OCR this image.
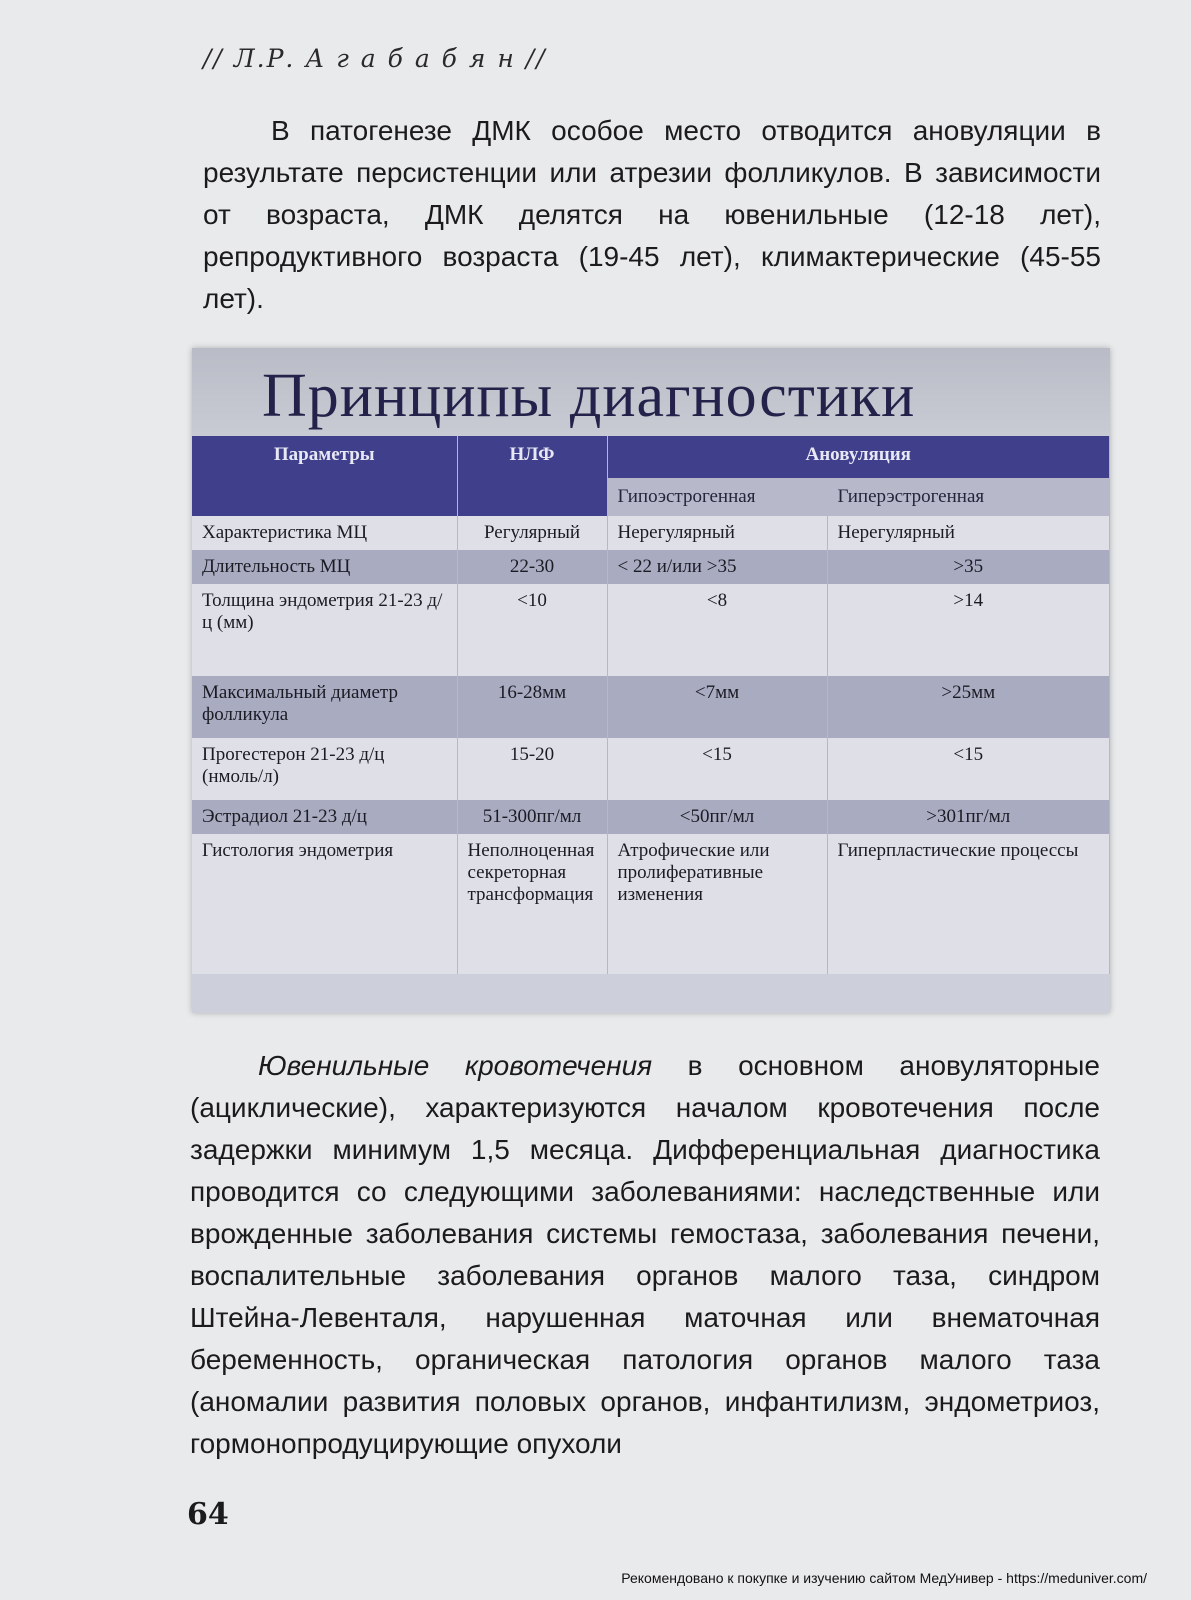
// Л.Р. А г а б а б я н //

В патогенезе ДМК особое место отводится ановуляции в результате персистенции или атрезии фолликулов. В зависимости от возраста, ДМК делятся на ювенильные (12-18 лет), репродуктивного возраста (19-45 лет), климактерические (45-55 лет).

Принципы диагностики
Параметры	НЛФ	Ановуляция	
		Гипоэстрогенная	Гиперэстрогенная
Характеристика МЦ	Регулярный	Нерегулярный	Нерегулярный
Длительность МЦ	22-30	< 22 и/или >35	>35
Толщина эндометрия 21-23 д/ц (мм)	<10	<8	>14
Максимальный диаметр фолликула	16-28мм	<7мм	>25мм
Прогестерон 21-23 д/ц (нмоль/л)	15-20	<15	<15
Эстрадиол 21-23 д/ц	51-300пг/мл	<50пг/мл	>301пг/мл
Гистология эндометрия	Неполноценная секреторная трансформация	Атрофические или пролиферативные изменения	Гиперпластические процессы

Ювенильные кровотечения в основном ановуляторные (ациклические), характеризуются началом кровотечения после задержки минимум 1,5 месяца. Дифференциальная диагностика проводится со следующими заболеваниями: наследственные или врожденные заболевания системы гемостаза, заболевания печени, воспалительные заболевания органов малого таза, синдром Штейна-Левенталя, нарушенная маточная или внематочная беременность, органическая патология органов малого таза (аномалии развития половых органов, инфантилизм, эндометриоз, гормонопродуцирующие опухоли

64
Рекомендовано к покупке и изучению сайтом МедУнивер - https://meduniver.com/
